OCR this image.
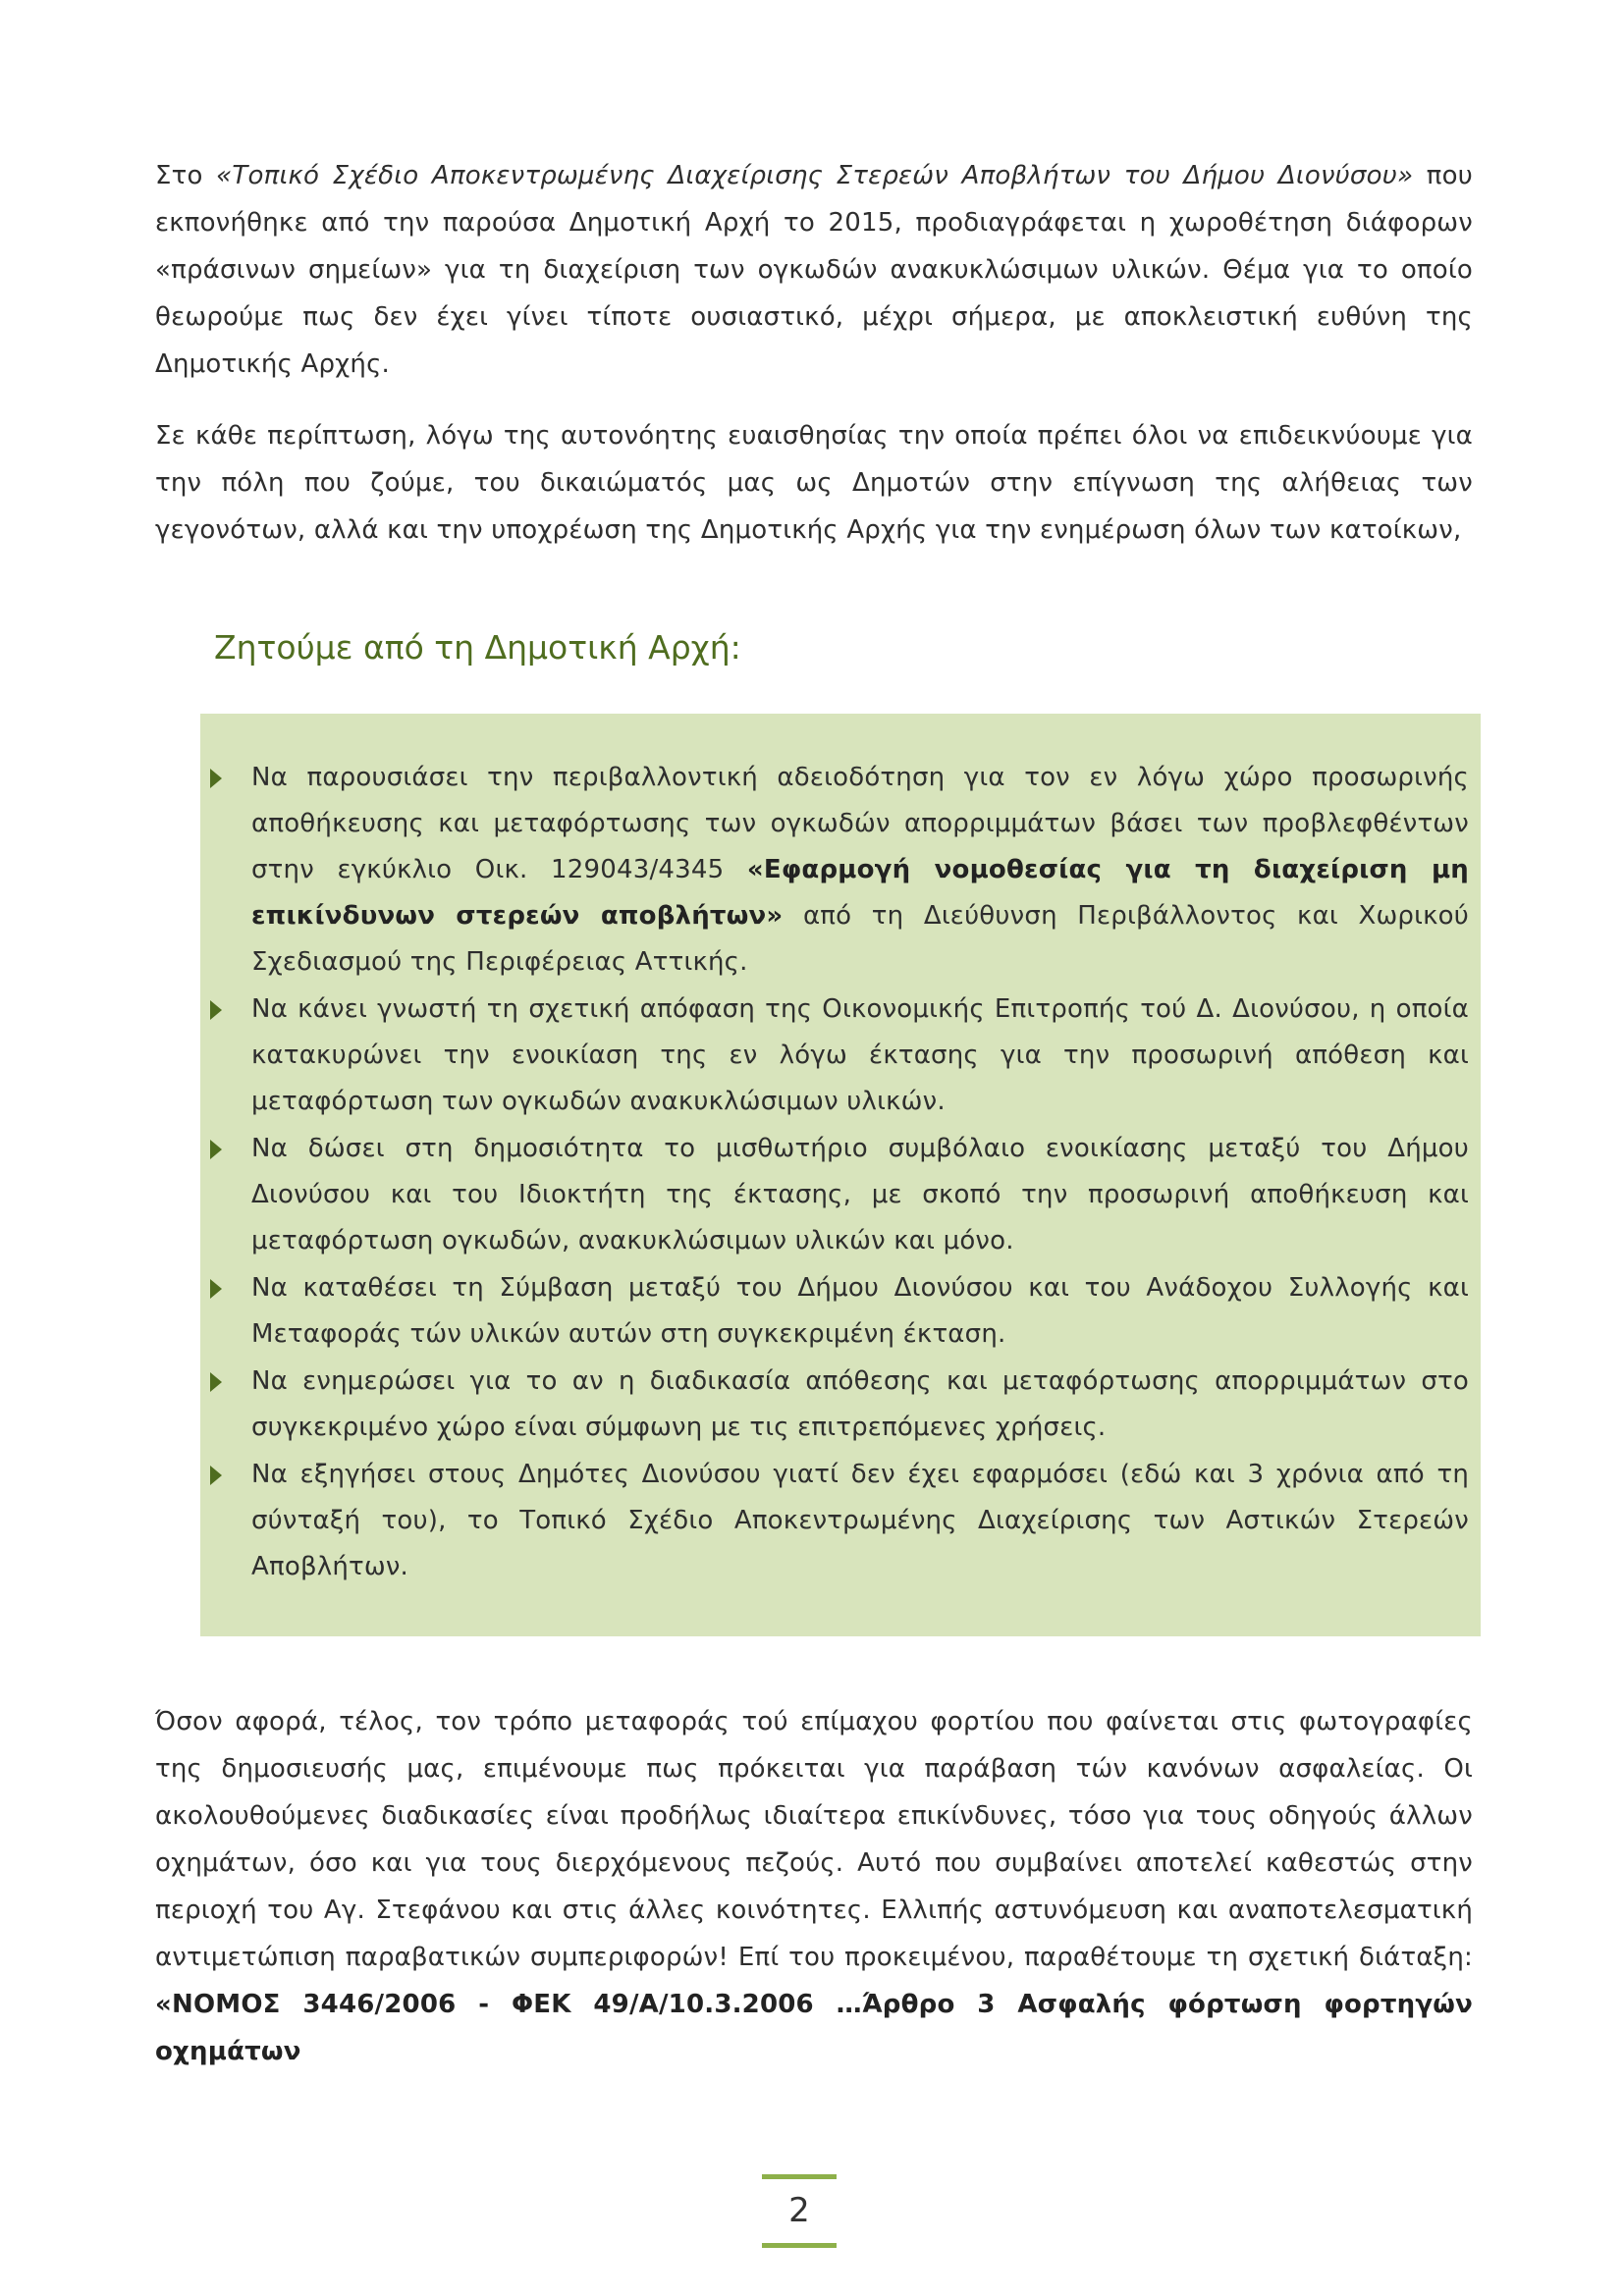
Στο «Τοπικό Σχέδιο Αποκεντρωμένης Διαχείρισης Στερεών Αποβλήτων του Δήμου Διονύσου» που εκπονήθηκε από την παρούσα Δημοτική Αρχή το 2015, προδιαγράφεται η χωροθέτηση διάφορων «πράσινων σημείων» για τη διαχείριση των ογκωδών ανακυκλώσιμων υλικών. Θέμα για το οποίο θεωρούμε πως δεν έχει γίνει τίποτε ουσιαστικό, μέχρι σήμερα, με αποκλειστική ευθύνη της Δημοτικής Αρχής.

Σε κάθε περίπτωση, λόγω της αυτονόητης ευαισθησίας την οποία πρέπει όλοι να επιδεικνύουμε για την πόλη που ζούμε, του δικαιώματός μας ως Δημοτών στην επίγνωση της αλήθειας των γεγονότων, αλλά και την υποχρέωση της Δημοτικής Αρχής για την ενημέρωση όλων των κατοίκων,

Ζητούμε από τη Δημοτική Αρχή:

Να παρουσιάσει την περιβαλλοντική αδειοδότηση για τον εν λόγω χώρο προσωρινής αποθήκευσης και μεταφόρτωσης των ογκωδών απορριμμάτων βάσει των προβλεφθέντων στην εγκύκλιο Οικ. 129043/4345 «Εφαρμογή νομοθεσίας για τη διαχείριση μη επικίνδυνων στερεών αποβλήτων» από τη Διεύθυνση Περιβάλλοντος και Χωρικού Σχεδιασμού της Περιφέρειας Αττικής.

Να κάνει γνωστή τη σχετική απόφαση της Οικονομικής Επιτροπής τού Δ. Διονύσου, η οποία κατακυρώνει την ενοικίαση της εν λόγω έκτασης για την προσωρινή απόθεση και μεταφόρτωση των ογκωδών ανακυκλώσιμων υλικών.

Να δώσει στη δημοσιότητα το μισθωτήριο συμβόλαιο ενοικίασης μεταξύ του Δήμου Διονύσου και του Ιδιοκτήτη της έκτασης, με σκοπό την προσωρινή αποθήκευση και μεταφόρτωση ογκωδών, ανακυκλώσιμων υλικών και μόνο.

Να καταθέσει τη Σύμβαση μεταξύ του Δήμου Διονύσου και του Ανάδοχου Συλλογής και Μεταφοράς τών υλικών αυτών στη συγκεκριμένη έκταση.

Να ενημερώσει για το αν η διαδικασία απόθεσης και μεταφόρτωσης απορριμμάτων στο συγκεκριμένο χώρο είναι σύμφωνη με τις επιτρεπόμενες χρήσεις.

Να εξηγήσει στους Δημότες Διονύσου γιατί δεν έχει εφαρμόσει (εδώ και 3 χρόνια από τη σύνταξή του), το Τοπικό Σχέδιο Αποκεντρωμένης Διαχείρισης των Αστικών Στερεών Αποβλήτων.

Όσον αφορά, τέλος, τον τρόπο μεταφοράς τού επίμαχου φορτίου που φαίνεται στις φωτογραφίες της δημοσιευσής μας, επιμένουμε πως πρόκειται για παράβαση τών κανόνων ασφαλείας. Οι ακολουθούμενες διαδικασίες είναι προδήλως ιδιαίτερα επικίνδυνες, τόσο για τους οδηγούς άλλων οχημάτων, όσο και για τους διερχόμενους πεζούς. Αυτό που συμβαίνει αποτελεί καθεστώς στην περιοχή του Αγ. Στεφάνου και στις άλλες κοινότητες. Ελλιπής αστυνόμευση και αναποτελεσματική αντιμετώπιση παραβατικών συμπεριφορών! Επί του προκειμένου, παραθέτουμε τη σχετική διάταξη: «ΝΟΜΟΣ 3446/2006 - ΦΕΚ 49/Α/10.3.2006 …Άρθρο 3 Ασφαλής φόρτωση φορτηγών οχημάτων

2
